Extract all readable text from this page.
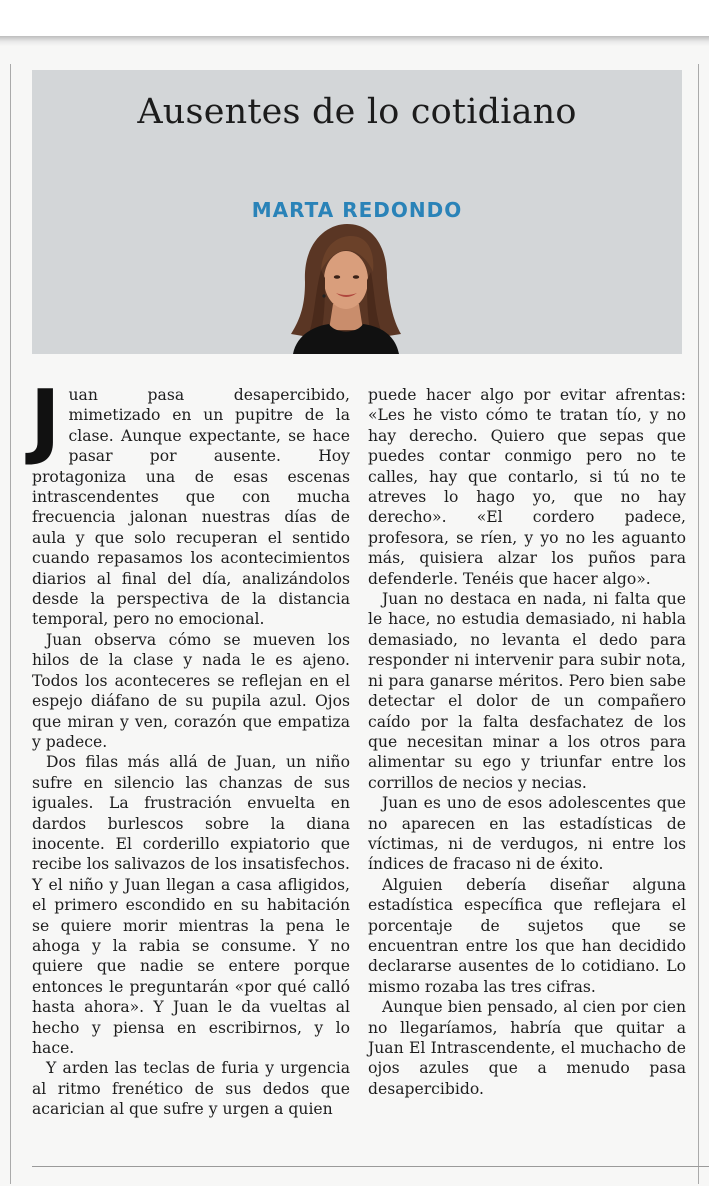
Ausentes de lo cotidiano
MARTA REDONDO

Juan pasa desapercibido, mimetizado en un pupitre de la clase. Aunque expectante, se hace pasar por ausente. Hoy protagoniza una de esas escenas intrascendentes que con mucha frecuencia jalonan nuestras días de aula y que solo recuperan el sentido cuando repasamos los acontecimientos diarios al final del día, analizándolos desde la perspectiva de la distancia temporal, pero no emocional.

Juan observa cómo se mueven los hilos de la clase y nada le es ajeno. Todos los aconteceres se reflejan en el espejo diáfano de su pupila azul. Ojos que miran y ven, corazón que empatiza y padece.

Dos filas más allá de Juan, un niño sufre en silencio las chanzas de sus iguales. La frustración envuelta en dardos burlescos sobre la diana inocente. El corderillo expiatorio que recibe los salivazos de los insatisfechos. Y el niño y Juan llegan a casa afligidos, el primero escondido en su habitación se quiere morir mientras la pena le ahoga y la rabia se consume. Y no quiere que nadie se entere porque entonces le preguntarán «por qué calló hasta ahora». Y Juan le da vueltas al hecho y piensa en escribirnos, y lo hace.

Y arden las teclas de furia y urgencia al ritmo frenético de sus dedos que acarician al que sufre y urgen a quien

puede hacer algo por evitar afrentas: «Les he visto cómo te tratan tío, y no hay derecho. Quiero que sepas que puedes contar conmigo pero no te calles, hay que contarlo, si tú no te atreves lo hago yo, que no hay derecho». «El cordero padece, profesora, se ríen, y yo no les aguanto más, quisiera alzar los puños para defenderle. Tenéis que hacer algo».

Juan no destaca en nada, ni falta que le hace, no estudia demasiado, ni habla demasiado, no levanta el dedo para responder ni intervenir para subir nota, ni para ganarse méritos. Pero bien sabe detectar el dolor de un compañero caído por la falta desfachatez de los que necesitan minar a los otros para alimentar su ego y triunfar entre los corrillos de necios y necias.

Juan es uno de esos adolescentes que no aparecen en las estadísticas de víctimas, ni de verdugos, ni entre los índices de fracaso ni de éxito.

Alguien debería diseñar alguna estadística específica que reflejara el porcentaje de sujetos que se encuentran entre los que han decidido declararse ausentes de lo cotidiano. Lo mismo rozaba las tres cifras.

Aunque bien pensado, al cien por cien no llegaríamos, habría que quitar a Juan El Intrascendente, el muchacho de ojos azules que a menudo pasa desapercibido.
